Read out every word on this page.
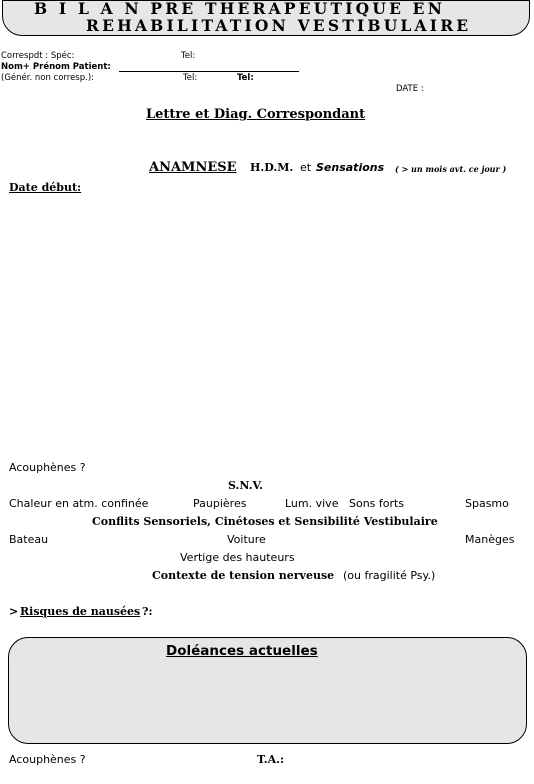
B I L A N PRE THERAPEUTIQUE EN
REHABILITATION VESTIBULAIRE
Correspdt : Spéc:	Tel:
Nom+ Prénom Patient:
(Génér. non corresp.):	Tel:	Tel:
DATE :
Lettre et Diag. Correspondant
ANAMNESE H.D.M. et Sensations ( > un mois avt. ce jour )
Date début:
Acouphènes ?
S.N.V.
Chaleur en atm. confinée	Paupières	Lum. vive Sons forts	Spasmo
Conflits Sensoriels, Cinétoses et Sensibilité Vestibulaire
Bateau	Voiture	Manèges
Vertige des hauteurs
Contexte de tension nerveuse (ou fragilité Psy.)
> Risques de nausées ?:
Doléances actuelles
Acouphènes ?	T.A.:
